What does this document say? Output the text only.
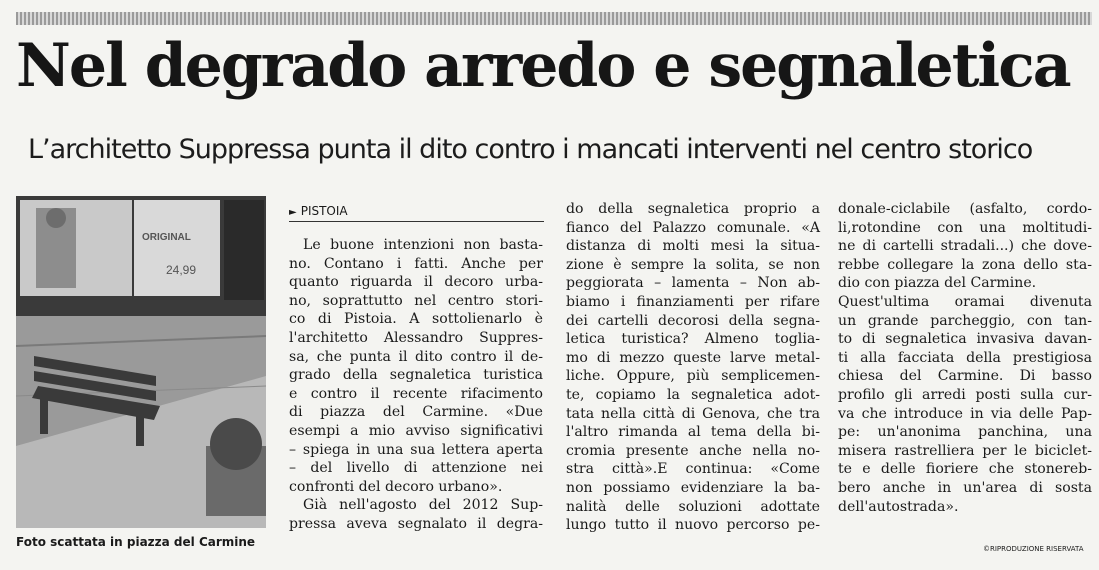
Nel degrado arredo e segnaletica
L’architetto Suppressa punta il dito contro i mancati interventi nel centro storico
ORIGINAL
24,99
Foto scattata in piazza del Carmine
► PISTOIA

Le buone intenzioni non basta-

no. Contano i fatti. Anche per

quanto riguarda il decoro urba-

no, soprattutto nel centro stori-

co di Pistoia. A sottolienarlo è

l'architetto Alessandro Suppres-

sa, che punta il dito contro il de-

grado della segnaletica turistica

e contro il recente rifacimento

di piazza del Carmine. «Due

esempi a mio avviso significativi

– spiega in una sua lettera aperta

– del livello di attenzione nei

confronti del decoro urbano».

Già nell'agosto del 2012 Sup-

pressa aveva segnalato il degra-

do della segnaletica proprio a

fianco del Palazzo comunale. «A

distanza di molti mesi la situa-

zione è sempre la solita, se non

peggiorata – lamenta – Non ab-

biamo i finanziamenti per rifare

dei cartelli decorosi della segna-

letica turistica? Almeno toglia-

mo di mezzo queste larve metal-

liche. Oppure, più semplicemen-

te, copiamo la segnaletica adot-

tata nella città di Genova, che tra

l'altro rimanda al tema della bi-

cromia presente anche nella no-

stra città».E continua: «Come

non possiamo evidenziare la ba-

nalità delle soluzioni adottate

lungo tutto il nuovo percorso pe-

donale-ciclabile (asfalto, cordo-

li,rotondine con una moltitudi-

ne di cartelli stradali...) che dove-

rebbe collegare la zona dello sta-

dio con piazza del Carmine.

Quest'ultima oramai divenuta

un grande parcheggio, con tan-

to di segnaletica invasiva davan-

ti alla facciata della prestigiosa

chiesa del Carmine. Di basso

profilo gli arredi posti sulla cur-

va che introduce in via delle Pap-

pe: un'anonima panchina, una

misera rastrelliera per le biciclet-

te e delle fioriere che stonereb-

bero anche in un'area di sosta

dell'autostrada».

©RIPRODUZIONE RISERVATA
